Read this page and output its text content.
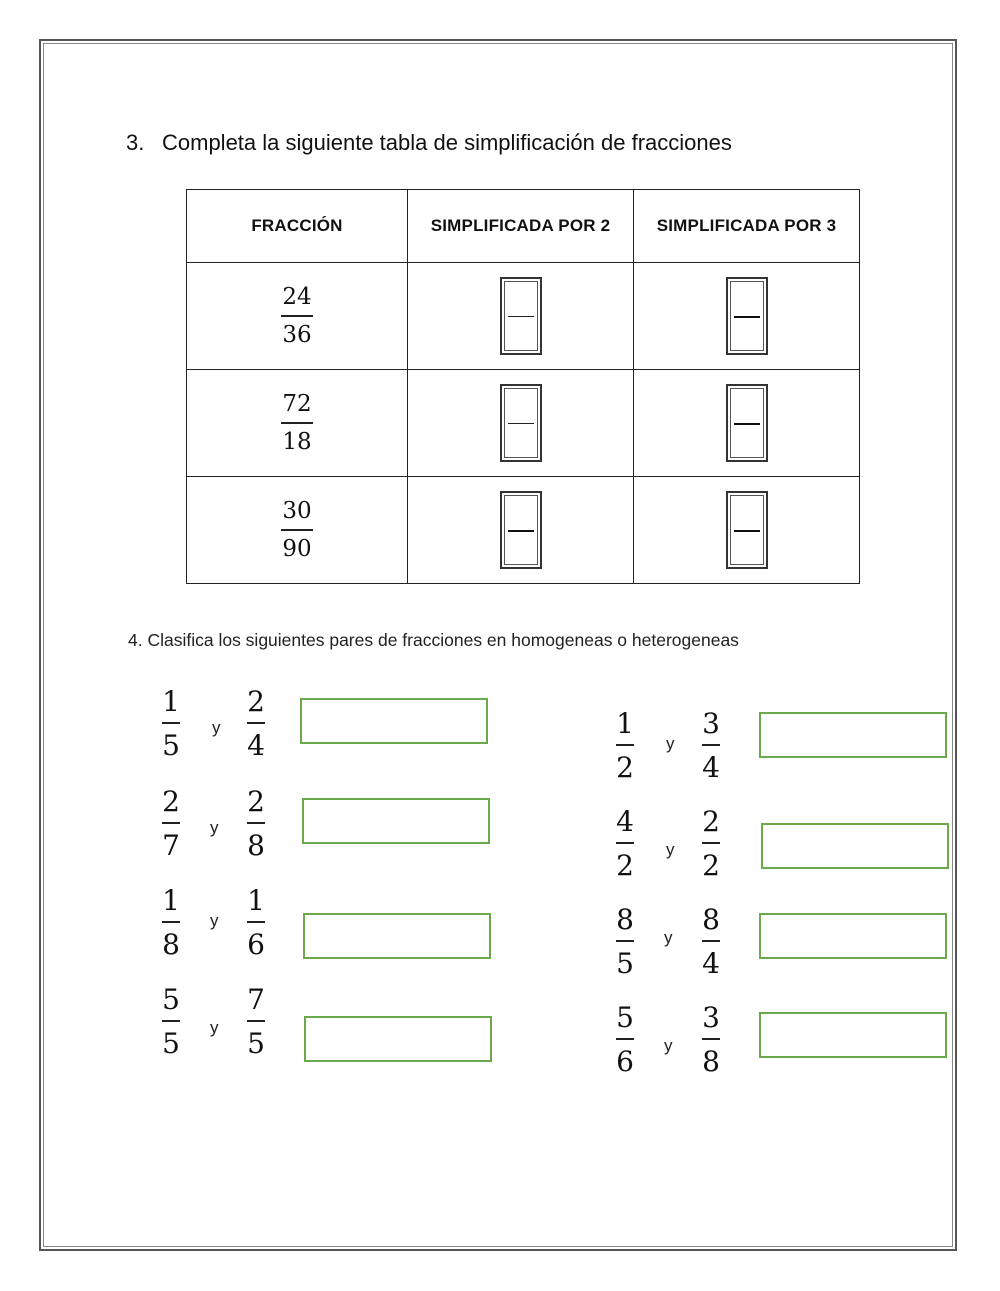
3. Completa la siguiente tabla de simplificación de fracciones
FRACCIÓN	SIMPLIFICADA POR 2	SIMPLIFICADA POR 3

$\frac{24}{36}$

$\frac{72}{18}$

$\frac{30}{90}$

4. Clasifica los siguientes pares de fracciones en homogeneas o heterogeneas
1
5
y
2
4
2
7
y
2
8
1
8
y
1
6
5
5 y
7
5
1
2
y
3
4
4
2 y
2
2
8
5
y
8
4
5
6 y
3
8
